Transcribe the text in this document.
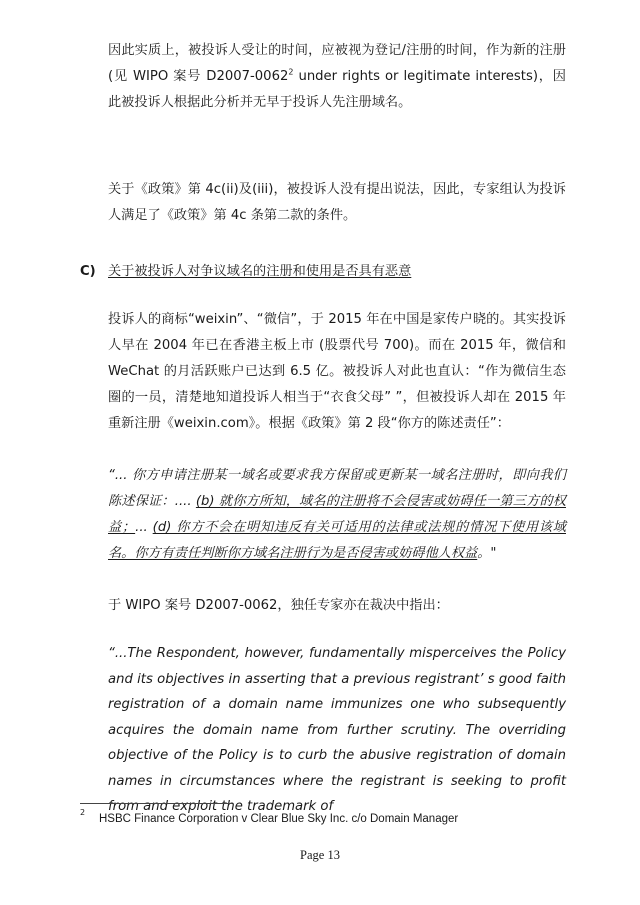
因此实质上，被投诉人受让的时间，应被视为登记/注册的时间，作为新的注册(见 WIPO 案号 D2007-0062$^2$ under rights or legitimate interests)，因此被投诉人根据此分析并无早于投诉人先注册域名。
关于《政策》第 4c(ii)及(iii)，被投诉人没有提出说法，因此，专家组认为投诉人满足了《政策》第 4c 条第二款的条件。
C) 关于被投诉人对争议域名的注册和使用是否具有恶意
投诉人的商标“weixin”、“微信”，于 2015 年在中国是家传户晓的。其实投诉人早在 2004 年已在香港主板上市 (股票代号 700)。而在 2015 年，微信和WeChat 的月活跃账户已达到 6.5 亿。被投诉人对此也直认：“作为微信生态圈的一员，清楚地知道投诉人相当于“衣食父母” ”，但被投诉人却在 2015 年重新注册《weixin.com》。根据《政策》第 2 段“你方的陈述责任”：
“... 你方申请注册某一域名或要求我方保留或更新某一域名注册时，即向我们陈述保证：.... (b) 就你方所知，域名的注册将不会侵害或妨碍任一第三方的权益；... (d) 你方不会在明知违反有关可适用的法律或法规的情况下使用该域名。你方有责任判断你方域名注册行为是否侵害或妨碍他人权益。"
于 WIPO 案号 D2007-0062，独任专家亦在裁决中指出：
“...The Respondent, however, fundamentally misperceives the Policy and its objectives in asserting that a previous registrant’ s good faith registration of a domain name immunizes one who subsequently acquires the domain name from further scrutiny. The overriding objective of the Policy is to curb the abusive registration of domain names in circumstances where the registrant is seeking to profit from and exploit the trademark of
2
HSBC Finance Corporation v Clear Blue Sky Inc. c/o Domain Manager
Page 13
